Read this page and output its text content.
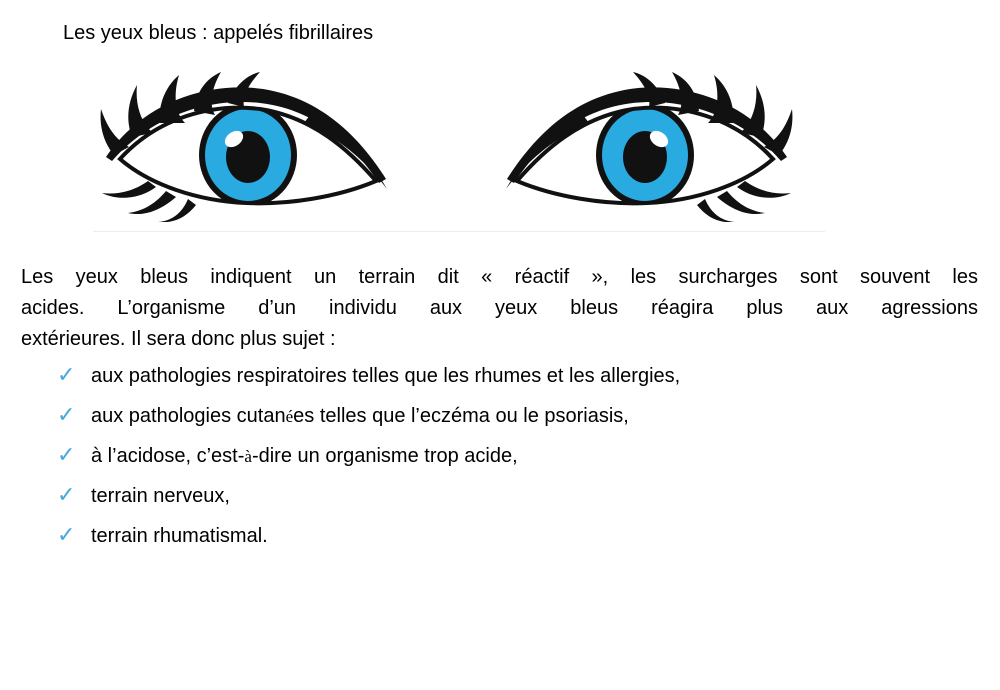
Les yeux bleus : appelés fibrillaires
Les yeux bleus indiquent un terrain dit « réactif », les surcharges sont souvent les
acides. L’organisme d’un individu aux yeux bleus réagira plus aux agressions
extérieures. Il sera donc plus sujet :
✓ aux pathologies respiratoires telles que les rhumes et les allergies,
✓ aux pathologies cutanées telles que l’eczéma ou le psoriasis,
✓ à l’acidose, c’est-à-dire un organisme trop acide,
✓ terrain nerveux,
✓ terrain rhumatismal.
